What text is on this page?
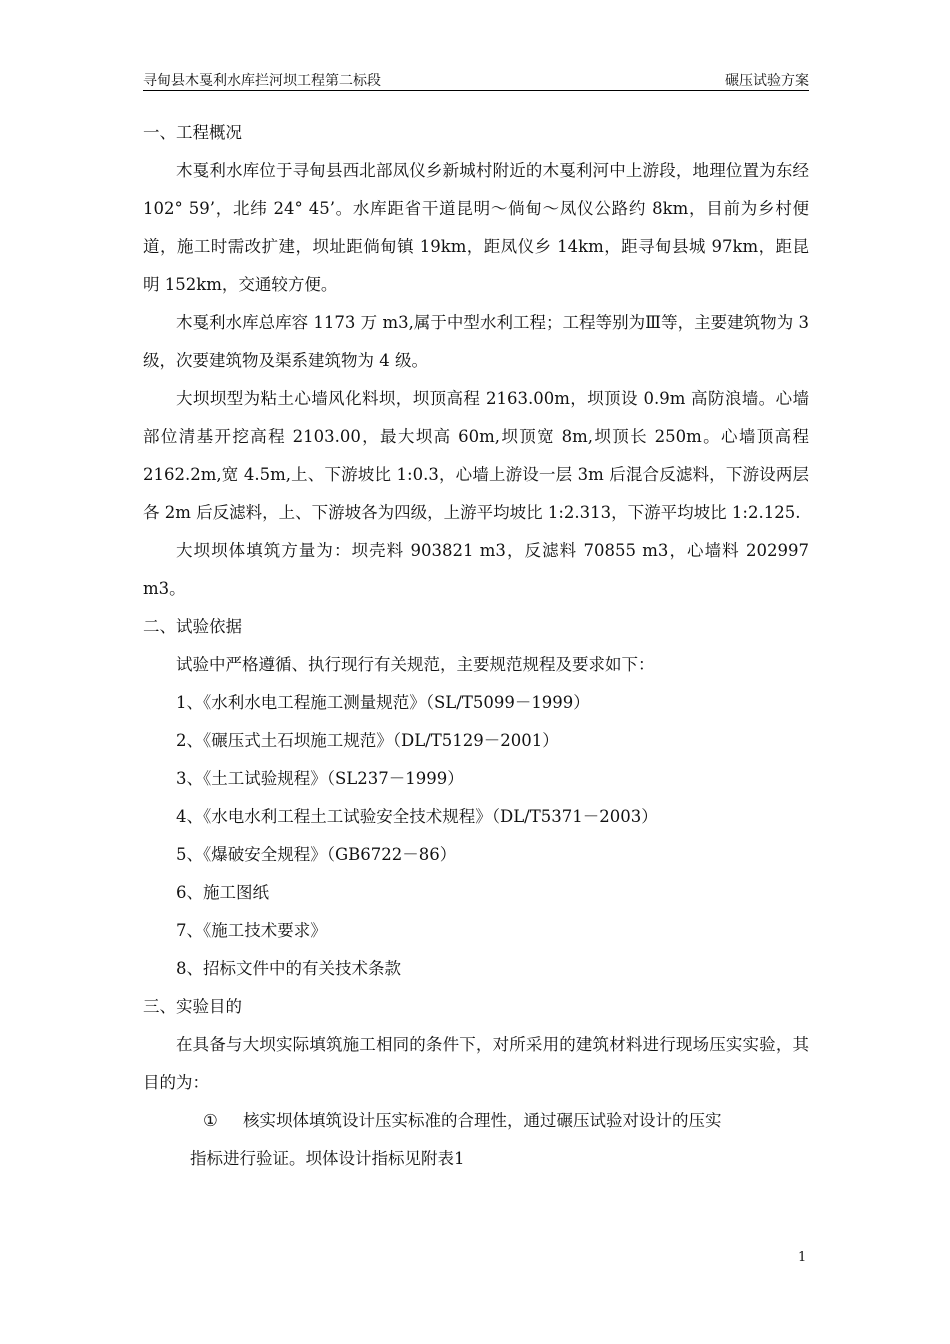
寻甸县木戛利水库拦河坝工程第二标段	碾压试验方案

一、工程概况

木戛利水库位于寻甸县西北部凤仪乡新城村附近的木戛利河中上游段，地理位置为东经 102° 59’，北纬 24° 45’。水库距省干道昆明～倘甸～凤仪公路约 8km，目前为乡村便道，施工时需改扩建，坝址距倘甸镇 19km，距凤仪乡 14km，距寻甸县城 97km，距昆明 152km，交通较方便。

木戛利水库总库容 1173 万 m3,属于中型水利工程；工程等别为Ⅲ等，主要建筑物为 3 级，次要建筑物及渠系建筑物为 4 级。

大坝坝型为粘土心墙风化料坝，坝顶高程 2163.00m，坝顶设 0.9m 高防浪墙。心墙部位清基开挖高程 2103.00，最大坝高 60m,坝顶宽 8m,坝顶长 250m。心墙顶高程 2162.2m,宽 4.5m,上、下游坡比 1:0.3，心墙上游设一层 3m 后混合反滤料，下游设两层各 2m 后反滤料，上、下游坡各为四级，上游平均坡比 1:2.313，下游平均坡比 1:2.125.

大坝坝体填筑方量为：坝壳料 903821 m3，反滤料 70855 m3，心墙料 202997 m3。

二、试验依据

试验中严格遵循、执行现行有关规范，主要规范规程及要求如下：

1、《水利水电工程施工测量规范》（SL/T5099－1999）

2、《碾压式土石坝施工规范》（DL/T5129－2001）

3、《土工试验规程》（SL237－1999）

4、《水电水利工程土工试验安全技术规程》（DL/T5371－2003）

5、《爆破安全规程》（GB6722－86）

6、施工图纸

7、《施工技术要求》

8、招标文件中的有关技术条款

三、实验目的

在具备与大坝实际填筑施工相同的条件下，对所采用的建筑材料进行现场压实实验，其目的为：

① 核实坝体填筑设计压实标准的合理性，通过碾压试验对设计的压实

指标进行验证。坝体设计指标见附表1

1
